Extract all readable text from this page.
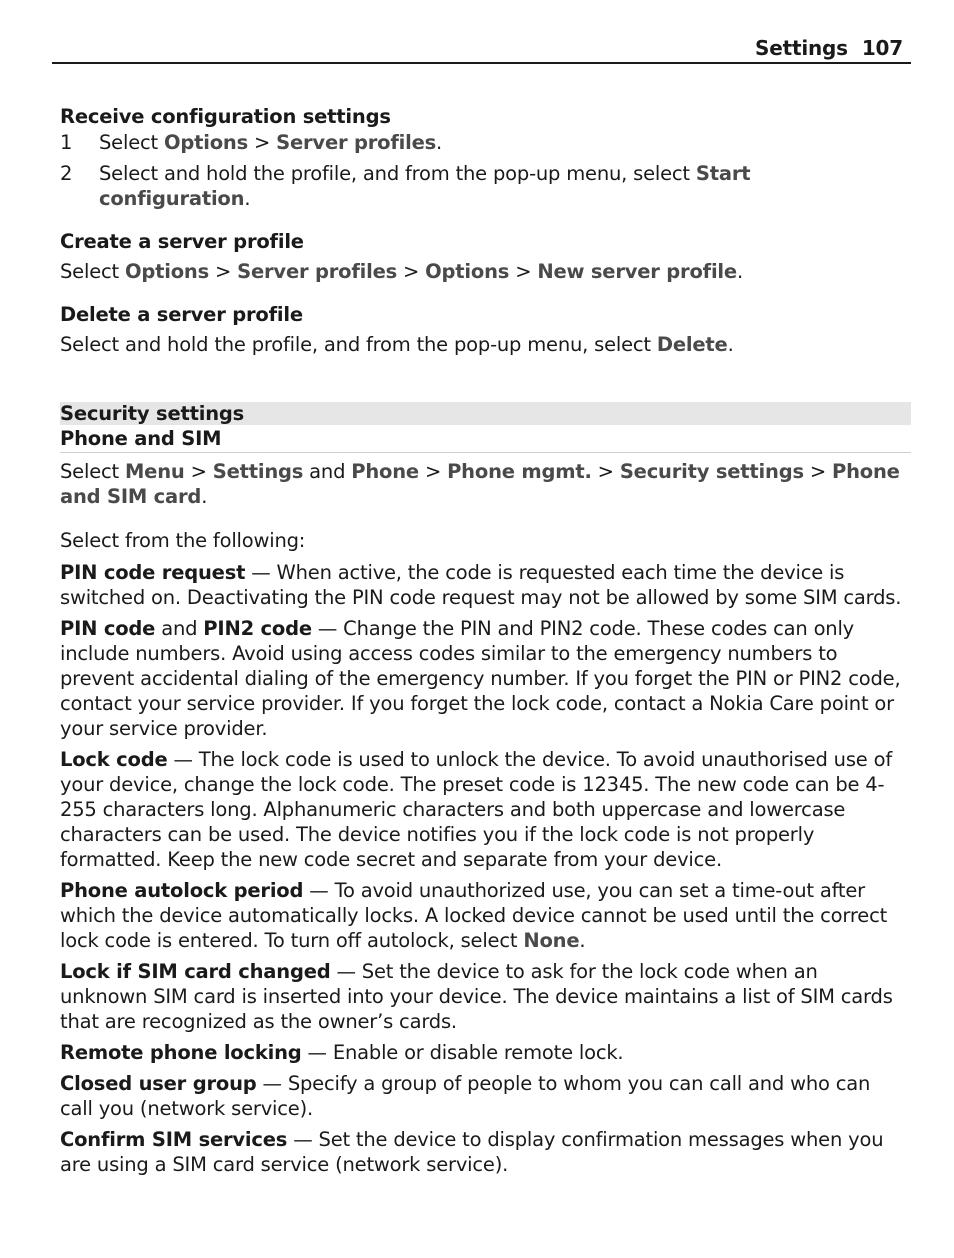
Settings 107
Receive configuration settings
1 Select Options > Server profiles.
2 Select and hold the profile, and from the pop-up menu, select Start configuration.
Create a server profile

Select Options > Server profiles > Options > New server profile.

Delete a server profile

Select and hold the profile, and from the pop-up menu, select Delete.

Security settings
Phone and SIM

Select Menu > Settings and Phone > Phone mgmt. > Security settings > Phone and SIM card.

Select from the following:

PIN code request — When active, the code is requested each time the device is switched on. Deactivating the PIN code request may not be allowed by some SIM cards.
PIN code and PIN2 code — Change the PIN and PIN2 code. These codes can only include numbers. Avoid using access codes similar to the emergency numbers to prevent accidental dialing of the emergency number. If you forget the PIN or PIN2 code, contact your service provider. If you forget the lock code, contact a Nokia Care point or your service provider.
Lock code — The lock code is used to unlock the device. To avoid unauthorised use of your device, change the lock code. The preset code is 12345. The new code can be 4-255 characters long. Alphanumeric characters and both uppercase and lowercase characters can be used. The device notifies you if the lock code is not properly formatted. Keep the new code secret and separate from your device.
Phone autolock period — To avoid unauthorized use, you can set a time-out after which the device automatically locks. A locked device cannot be used until the correct lock code is entered. To turn off autolock, select None.
Lock if SIM card changed — Set the device to ask for the lock code when an unknown SIM card is inserted into your device. The device maintains a list of SIM cards that are recognized as the owner’s cards.
Remote phone locking — Enable or disable remote lock.
Closed user group — Specify a group of people to whom you can call and who can call you (network service).
Confirm SIM services — Set the device to display confirmation messages when you are using a SIM card service (network service).
